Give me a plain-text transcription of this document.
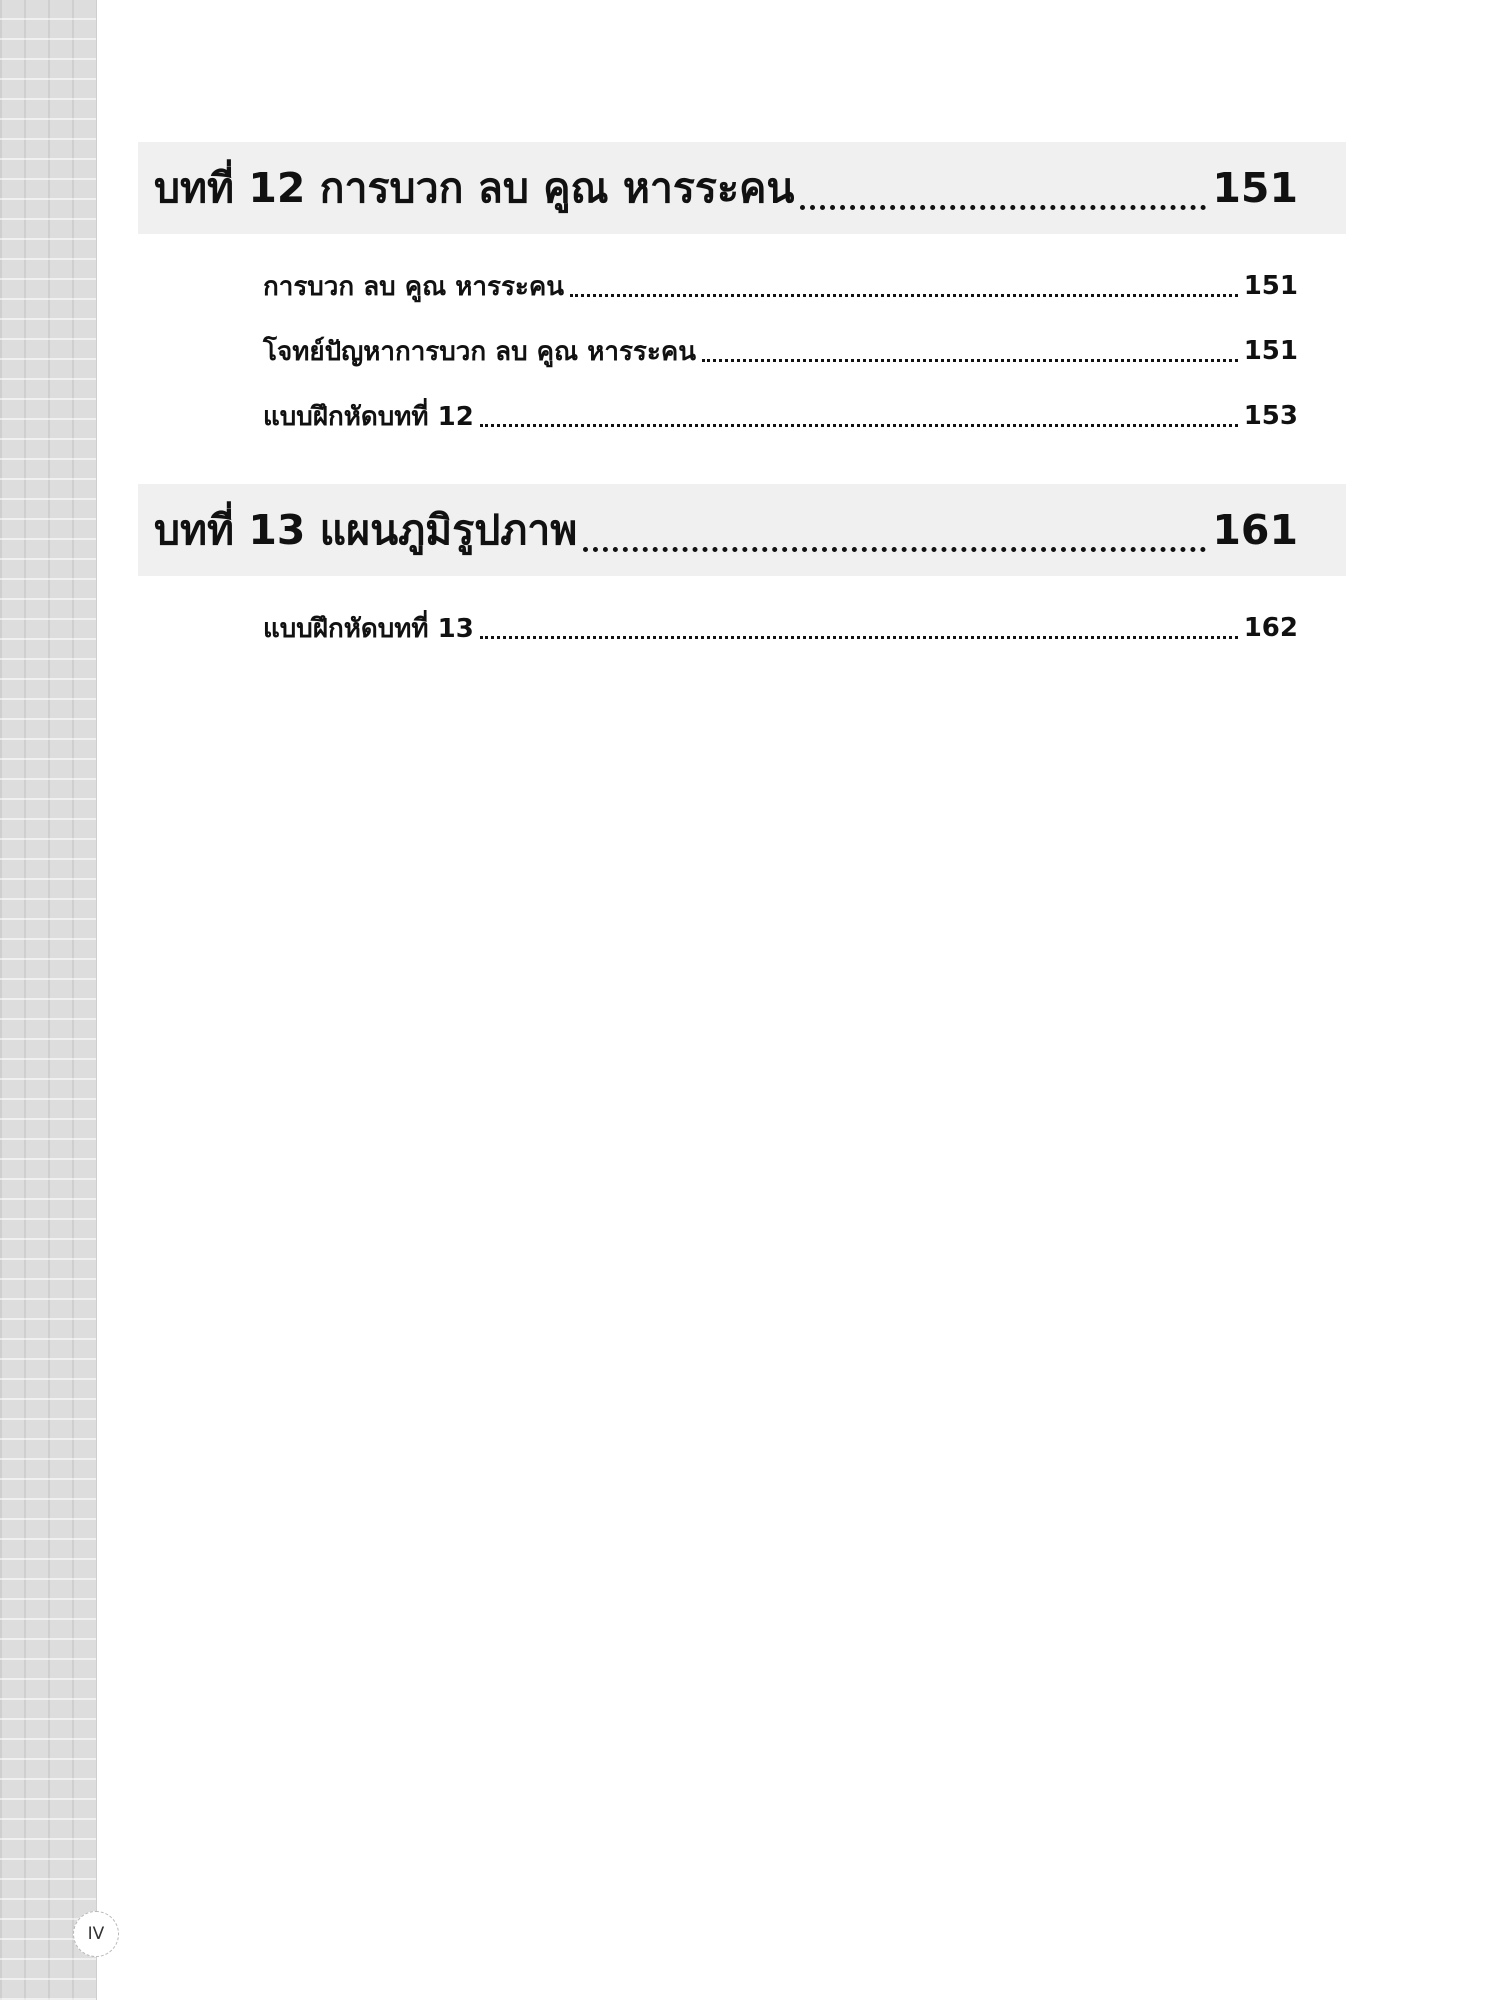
บทที่ 12 การบวก ลบ คูณ หารระคน	151
การบวก ลบ คูณ หารระคน	151
โจทย์ปัญหาการบวก ลบ คูณ หารระคน	151
แบบฝึกหัดบทที่ 12	153
บทที่ 13 แผนภูมิรูปภาพ	161
แบบฝึกหัดบทที่ 13	162
IV
